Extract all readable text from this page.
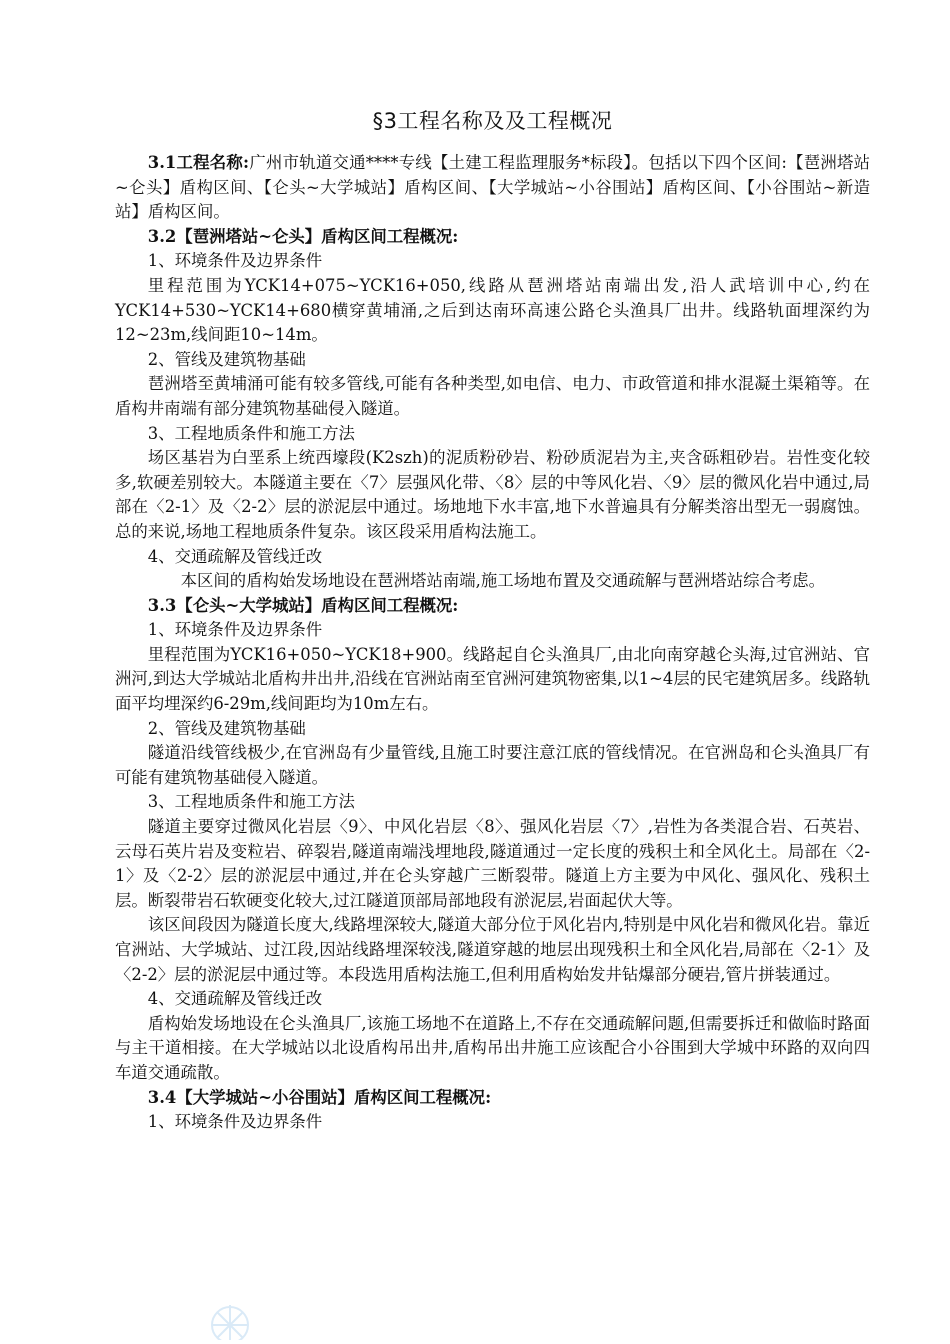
§3工程名称及及工程概况

3.1工程名称:广州市轨道交通****专线【土建工程监理服务*标段】。包括以下四个区间:【琶洲塔站~仑头】盾构区间、【仑头~大学城站】盾构区间、【大学城站~小谷围站】盾构区间、【小谷围站~新造站】盾构区间。

3.2【琶洲塔站~仑头】盾构区间工程概况:

1、环境条件及边界条件

里程范围为YCK14+075~YCK16+050,线路从琶洲塔站南端出发,沿人武培训中心,约在YCK14+530~YCK14+680横穿黄埔涌,之后到达南环高速公路仑头渔具厂出井。线路轨面埋深约为12~23m,线间距10~14m。

2、管线及建筑物基础

琶洲塔至黄埔涌可能有较多管线,可能有各种类型,如电信、电力、市政管道和排水混凝土渠箱等。在盾构井南端有部分建筑物基础侵入隧道。

3、工程地质条件和施工方法

场区基岩为白垩系上统西壕段(K2szh)的泥质粉砂岩、粉砂质泥岩为主,夹含砾粗砂岩。岩性变化较多,软硬差别较大。本隧道主要在〈7〉层强风化带、〈8〉层的中等风化岩、〈9〉层的微风化岩中通过,局部在〈2-1〉及〈2-2〉层的淤泥层中通过。场地地下水丰富,地下水普遍具有分解类溶出型无一弱腐蚀。总的来说,场地工程地质条件复杂。该区段采用盾构法施工。

4、交通疏解及管线迁改

本区间的盾构始发场地设在琶洲塔站南端,施工场地布置及交通疏解与琶洲塔站综合考虑。

3.3【仑头~大学城站】盾构区间工程概况:

1、环境条件及边界条件

里程范围为YCK16+050~YCK18+900。线路起自仑头渔具厂,由北向南穿越仑头海,过官洲站、官洲河,到达大学城站北盾构井出井,沿线在官洲站南至官洲河建筑物密集,以1~4层的民宅建筑居多。线路轨面平均埋深约6-29m,线间距均为10m左右。

2、管线及建筑物基础

隧道沿线管线极少,在官洲岛有少量管线,且施工时要注意江底的管线情况。在官洲岛和仑头渔具厂有可能有建筑物基础侵入隧道。

3、工程地质条件和施工方法

隧道主要穿过微风化岩层〈9〉、中风化岩层〈8〉、强风化岩层〈7〉,岩性为各类混合岩、石英岩、云母石英片岩及变粒岩、碎裂岩,隧道南端浅埋地段,隧道通过一定长度的残积土和全风化土。局部在〈2-1〉及〈2-2〉层的淤泥层中通过,并在仑头穿越广三断裂带。隧道上方主要为中风化、强风化、残积土层。断裂带岩石软硬变化较大,过江隧道顶部局部地段有淤泥层,岩面起伏大等。

该区间段因为隧道长度大,线路埋深较大,隧道大部分位于风化岩内,特别是中风化岩和微风化岩。靠近官洲站、大学城站、过江段,因站线路埋深较浅,隧道穿越的地层出现残积土和全风化岩,局部在〈2-1〉及〈2-2〉层的淤泥层中通过等。本段选用盾构法施工,但利用盾构始发井钻爆部分硬岩,管片拼装通过。

4、交通疏解及管线迁改

盾构始发场地设在仑头渔具厂,该施工场地不在道路上,不存在交通疏解问题,但需要拆迁和做临时路面与主干道相接。在大学城站以北设盾构吊出井,盾构吊出井施工应该配合小谷围到大学城中环路的双向四车道交通疏散。

3.4【大学城站~小谷围站】盾构区间工程概况:

1、环境条件及边界条件
